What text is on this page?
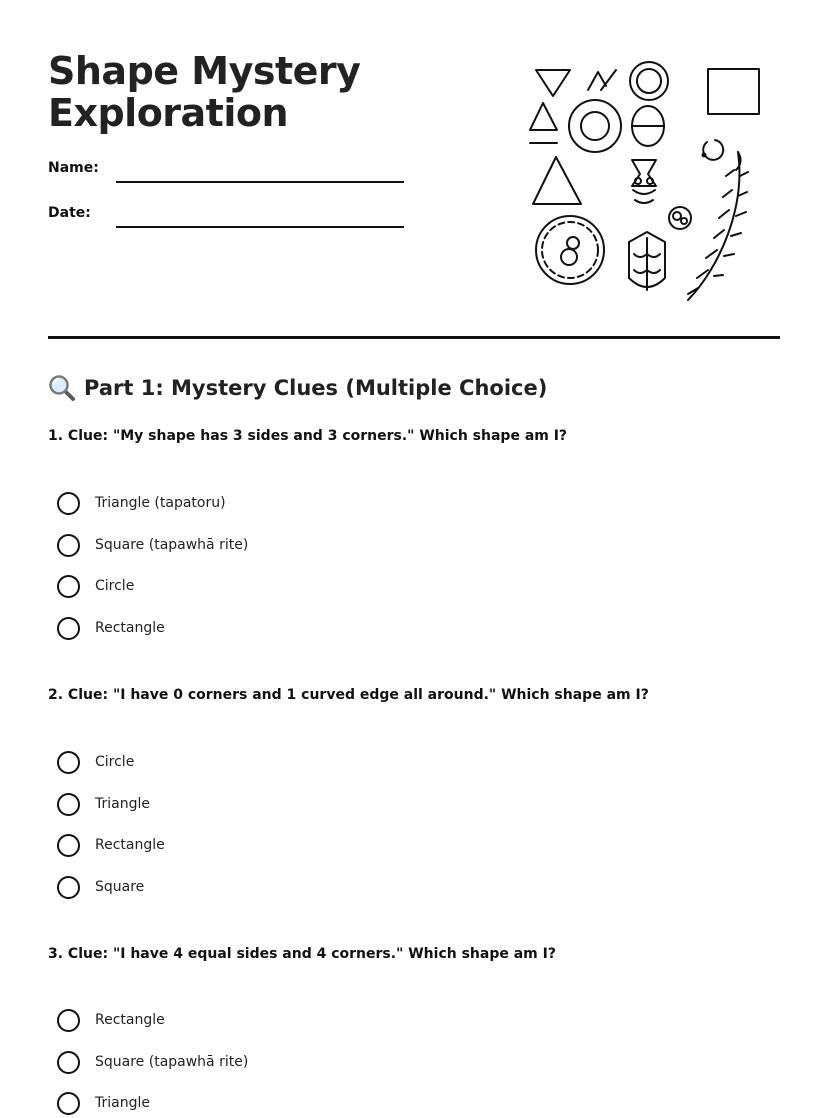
Shape Mystery
Exploration
Name:
Date:
Part 1: Mystery Clues (Multiple Choice)
1. Clue: "My shape has 3 sides and 3 corners." Which shape am I?
Triangle (tapatoru)
Square (tapawhā rite)
Circle
Rectangle
2. Clue: "I have 0 corners and 1 curved edge all around." Which shape am I?
Circle
Triangle
Rectangle
Square
3. Clue: "I have 4 equal sides and 4 corners." Which shape am I?
Rectangle
Square (tapawhā rite)
Triangle
